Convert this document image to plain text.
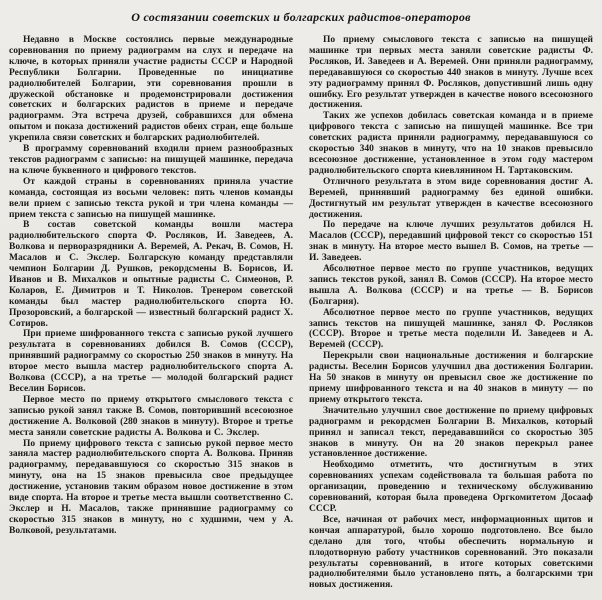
О состязании советских и болгарских радистов-операторов

Недавно в Москве состоялись первые международные соревнования по приему радиограмм на слух и передаче на ключе, в которых приняли участие радисты СССР и Народной Республики Болгарии. Проведенные по инициативе радиолюбителей Болгарии, эти соревнования прошли в дружеской обстановке и продемонстрировали достижения советских и болгарских радистов в приеме и передаче радиограмм. Эта встреча друзей, собравшихся для обмена опытом и показа достижений радистов обеих стран, еще больше укрепила связи советских и болгарских радиолюбителей.

В программу соревнований входили прием разнообразных текстов радиограмм с записью: на пишущей машинке, передача на ключе буквенного и цифрового текстов.

От каждой страны в соревнованиях приняла участие команда, состоящая из восьми человек: пять членов команды вели прием с записью текста рукой и три члена команды — прием текста с записью на пишущей машинке.

В состав советской команды вошли мастера радиолюбительского спорта Ф. Росляков, И. Заведеев, А. Волкова и перворазрядники А. Веремей, А. Рекач, В. Сомов, Н. Масалов и С. Экслер. Болгарскую команду представляли чемпион Болгарии Д. Рушков, рекордсмены В. Борисов, И. Иванов и В. Михалков и опытные радисты С. Симеонов, Р. Коларов, Е. Димитров и Т. Николов. Тренером советской команды был мастер радиолюбительского спорта Ю. Прозоровский, а болгарской — известный болгарский радист Х. Сотиров.

При приеме шифрованного текста с записью рукой лучшего результата в соревнованиях добился В. Сомов (СССР), принявший радиограмму со скоростью 250 знаков в минуту. На второе место вышла мастер радиолюбительского спорта А. Волкова (СССР), а на третье — молодой болгарский радист Веселин Борисов.

Первое место по приему открытого смыслового текста с записью рукой занял также В. Сомов, повторивший всесоюзное достижение А. Волковой (280 знаков в минуту). Второе и третье места заняли советские радисты А. Волкова и С. Экслер.

По приему цифрового текста с записью рукой первое место заняла мастер радиолюбительского спорта А. Волкова. Приняв радиограмму, передававшуюся со скоростью 315 знаков в минуту, она на 15 знаков превысила свое предыдущее достижение, установив таким образом новое достижение в этом виде спорта. На второе и третье места вышли соответственно С. Экслер и Н. Масалов, также принявшие радиограмму со скоростью 315 знаков в минуту, но с худшими, чем у А. Волковой, результатами.

По приему смыслового текста с записью на пишущей машинке три первых места заняли советские радисты Ф. Росляков, И. Заведеев и А. Веремей. Они приняли радиограмму, передававшуюся со скоростью 440 знаков в минуту. Лучше всех эту радиограмму принял Ф. Росляков, допустивший лишь одну ошибку. Его результат утвержден в качестве нового всесоюзного достижения.

Таких же успехов добилась советская команда и в приеме цифрового текста с записью на пишущей машинке. Все три советских радиста приняли радиограмму, передававшуюся со скоростью 340 знаков в минуту, что на 10 знаков превысило всесоюзное достижение, установленное в этом году мастером радиолюбительского спорта киевлянином Н. Тартаковским.

Отличного результата в этом виде соревнования достиг А. Веремей, принявший радиограмму без единой ошибки. Достигнутый им результат утвержден в качестве всесоюзного достижения.

По передаче на ключе лучших результатов добился Н. Масалов (СССР), передавший цифровой текст со скоростью 151 знак в минуту. На второе место вышел В. Сомов, на третье — И. Заведеев.

Абсолютное первое место по группе участников, ведущих запись текстов рукой, занял В. Сомов (СССР). На второе место вышла А. Волкова (СССР) и на третье — В. Борисов (Болгария).

Абсолютное первое место по группе участников, ведущих запись текстов на пишущей машинке, занял Ф. Росляков (СССР). Второе и третье места поделили И. Заведеев и А. Веремей (СССР).

Перекрыли свои национальные достижения и болгарские радисты. Веселин Борисов улучшил два достижения Болгарии. На 50 знаков в минуту он превысил свое же достижение по приему шифрованного текста и на 40 знаков в минуту — по приему открытого текста.

Значительно улучшил свое достижение по приему цифровых радиограмм и рекордсмен Болгарии В. Михалков, который принял и записал текст, передававшийся со скоростью 305 знаков в минуту. Он на 20 знаков перекрыл ранее установленное достижение.

Необходимо отметить, что достигнутым в этих соревнованиях успехам содействовала та большая работа по организации, проведению и техническому обслуживанию соревнований, которая была проведена Оргкомитетом Досааф СССР.

Все, начиная от рабочих мест, информационных щитов и кончая аппаратурой, было хорошо подготовлено. Все было сделано для того, чтобы обеспечить нормальную и плодотворную работу участников соревнований. Это показали результаты соревнований, в итоге которых советскими радиолюбителями было установлено пять, а болгарскими три новых достижения.
